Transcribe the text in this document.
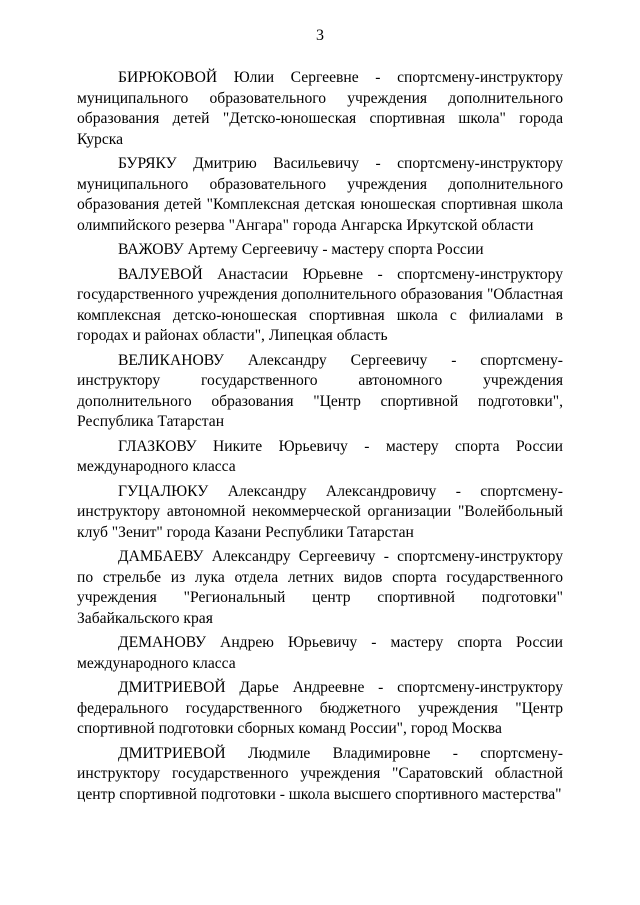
3

БИРЮКОВОЙ Юлии Сергеевне - спортсмену-инструктору муниципального образовательного учреждения дополнительного образования детей "Детско-юношеская спортивная школа" города Курска

БУРЯКУ Дмитрию Васильевичу - спортсмену-инструктору муниципального образовательного учреждения дополнительного образования детей "Комплексная детская юношеская спортивная школа олимпийского резерва "Ангара" города Ангарска Иркутской области

ВАЖОВУ Артему Сергеевичу - мастеру спорта России

ВАЛУЕВОЙ Анастасии Юрьевне - спортсмену-инструктору государственного учреждения дополнительного образования "Областная комплексная детско-юношеская спортивная школа с филиалами в городах и районах области", Липецкая область

ВЕЛИКАНОВУ Александру Сергеевичу - спортсмену-инструктору государственного автономного учреждения дополнительного образования "Центр спортивной подготовки", Республика Татарстан

ГЛАЗКОВУ Никите Юрьевичу - мастеру спорта России международного класса

ГУЦАЛЮКУ Александру Александровичу - спортсмену-инструктору автономной некоммерческой организации "Волейбольный клуб "Зенит" города Казани Республики Татарстан

ДАМБАЕВУ Александру Сергеевичу - спортсмену-инструктору по стрельбе из лука отдела летних видов спорта государственного учреждения "Региональный центр спортивной подготовки" Забайкальского края

ДЕМАНОВУ Андрею Юрьевичу - мастеру спорта России международного класса

ДМИТРИЕВОЙ Дарье Андреевне - спортсмену-инструктору федерального государственного бюджетного учреждения "Центр спортивной подготовки сборных команд России", город Москва

ДМИТРИЕВОЙ Людмиле Владимировне - спортсмену-инструктору государственного учреждения "Саратовский областной центр спортивной подготовки - школа высшего спортивного мастерства"
